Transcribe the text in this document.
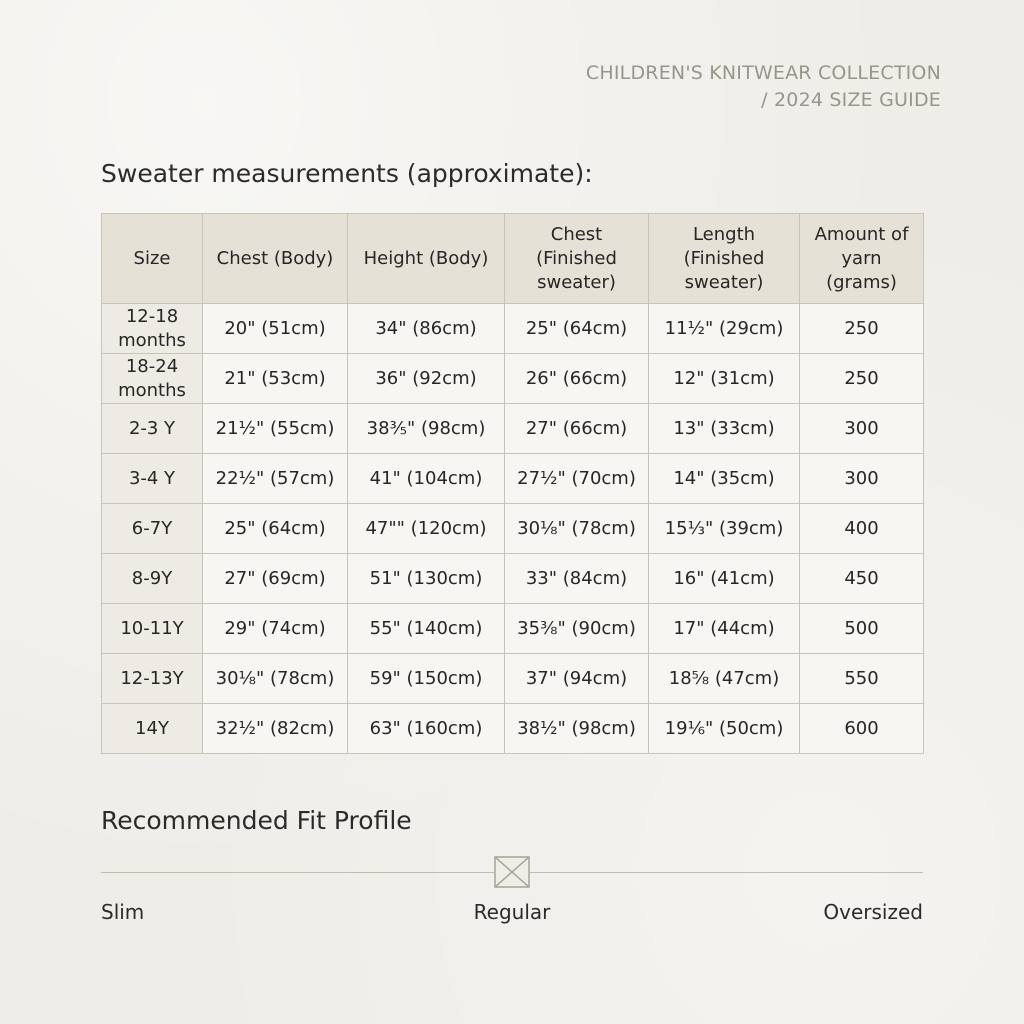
CHILDREN'S KNITWEAR COLLECTION
/ 2024 SIZE GUIDE
Sweater measurements (approximate):
Size	Chest (Body)	Height (Body)	Chest (Finished sweater)	Length (Finished sweater)	Amount of yarn (grams)
12-18 months	20" (51cm)	34" (86cm)	25" (64cm)	11½" (29cm)	250
18-24 months	21" (53cm)	36" (92cm)	26" (66cm)	12" (31cm)	250
2-3 Y	21½" (55cm)	38⅗" (98cm)	27" (66cm)	13" (33cm)	300
3-4 Y	22½" (57cm)	41" (104cm)	27½" (70cm)	14" (35cm)	300
6-7Y	25" (64cm)	47"" (120cm)	30⅛" (78cm)	15⅓" (39cm)	400
8-9Y	27" (69cm)	51" (130cm)	33" (84cm)	16" (41cm)	450
10-11Y	29" (74cm)	55" (140cm)	35⅜" (90cm)	17" (44cm)	500
12-13Y	30⅛" (78cm)	59" (150cm)	37" (94cm)	18⅝ (47cm)	550
14Y	32½" (82cm)	63" (160cm)	38½" (98cm)	19⅙" (50cm)	600
Recommended Fit Profile
Slim	Regular	Oversized
